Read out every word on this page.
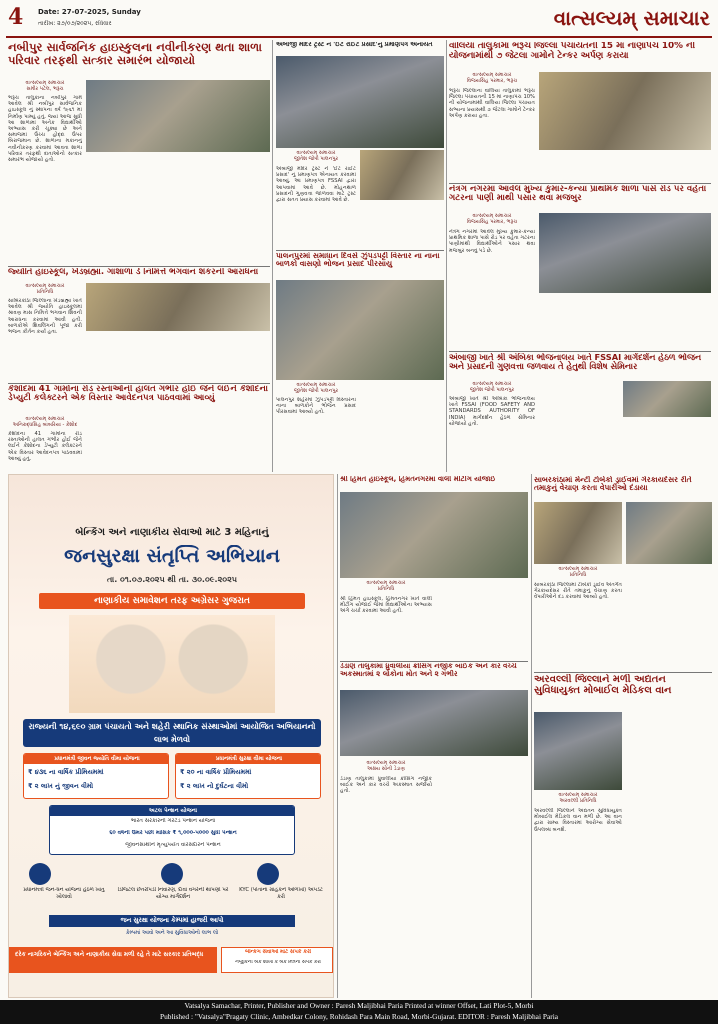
4	Date: 27-07-2025, Sunday
તારીખ: ૨૭/૦૭/૨૦૨૫, રવિવાર	વાત્સલ્યમ્‌ સમાચાર
નબીપુર સાર્વજનિક હાઇસ્કુલના નવીનીકરણ થતા શાળા પરિવાર તરફથી સત્કાર સમારંભ યોજાયો
વાત્સલ્યમ્ સમાચાર
સમીર પટેલ, ભરૂચ
ભરૂચ તાલુકાના નબીપુર ગામે આવેલ શ્રી નબીપુર સાર્વજનિક હાઇસ્કૂલ નું સ્થાપના વર્ષ ૧૯૬૧ માં નિર્માણ પામ્યું હતું. જ્યાં આજ સુધી આ શાળામાં અનેક વિદ્યાર્થીઓ અભ્યાસ કરી ચૂક્યા છે અને સમાજમાં ઉચ્ચ હોદ્દા ઉપર બિરાજમાન છે. શાળાના મકાનનું નવીનીકરણ કરવામાં આવતા શાળા પરિવાર તરફથી દાતાઓનો સત્કાર સમારંભ યોજાયો હતો.
જ્યોતિ હાઇસ્કૂલ, ખેડબ્રહ્મા. ગૌશાળા ડે નિમિત્તે ભગવાન શંકરની આરાધના
વાત્સલ્યમ્ સમાચાર
પ્રતિનિધિ
સાબિરકાંઠા જિલ્લાના ખેડબ્રહ્મા ખાતે આવેલ શ્રી જ્યોતિ હાઇસ્કૂલમાં શ્રાવણ માસ નિમિત્તે ભગવાન શિવની આરાધના કરવામાં આવી હતી. બાળકોએ શિવલિંગની પૂજા કરી ભજન કીર્તન કર્યા હતા.
કેશોદમાં 41 ગામોના રોડ રસ્તાઓની હાલત ગંભીર હોઈ જેને લઈને કેશોદના ડેપ્યુટી કલેક્ટરને એક વિસ્તાર આવેદનપત્ર પાઠવવામાં આવ્યું
વાત્સલ્યમ્ સમાચાર
અનિરુદ્ધસિંહ બાબરિયા - કેશોદ
કેશોદના 41 ગામોના રોડ રસ્તાઓની હાલત ગંભીર હોઈ જેને લઈને કેશોદના ડેપ્યુટી કલેક્ટરને એક વિસ્તાર આવેદનપત્ર પાઠવવામાં આવ્યું હતું.
અંબાજી મંદિર ટ્રસ્ટ ને 'ઈટ રાઈટ પ્રસાદ'નું પ્રમાણપત્ર એનાયત
વાત્સલ્યમ્ સમાચાર
જીતેશ જોષી પાલનપુર
અંબાજી મંદિર ટ્રસ્ટ ને 'ઈટ રાઈટ પ્રસાદ' નું પ્રમાણપત્ર એનાયત કરવામાં આવ્યું. આ પ્રમાણપત્ર FSSAI દ્વારા આપવામાં આવે છે. મોહનથાળ પ્રસાદની ગુણવત્તા જાળવવા માટે ટ્રસ્ટ દ્વારા સતત પ્રયાસ કરવામાં આવે છે.
પાલનપુરમાં સમાધાન દિવસે ઝુંપડપટ્ટી વિસ્તાર ના નાના બાળકો વાસણો ભોજન પ્રસાદ પીરસાયુ
વાત્સલ્યમ્ સમાચાર
જીતેશ જોષી પાલનપુર
પાલનપુર શહેરમાં ઝુંપડપટ્ટી વિસ્તારના નાના બાળકોને ભોજન પ્રસાદ પીરસવામાં આવ્યો હતો.
વાલિયા તાલુકામાં ભરૂચ જિલ્લા પંચાયતની 15 માં નાણાપંચ 10% ની યોજનામાંથી ૭ જેટલા ગામોને ટેન્કર અર્પણ કરાયા
વાત્સલ્યમ્ સમાચાર
વિજયસિંહ પરમાર, ભરૂચ
ભરૂચ જિલ્લાના વાલિયા તાલુકામાં ભરૂચ જિલ્લા પંચાયતની 15 માં નાણાપંચ 10% ની યોજનામાંથી વાલિયા જિલ્લા પંચાયત સભ્યના પ્રયાસથી ૭ જેટલા ગામોને ટેન્કર અર્પણ કરાયા હતા.
નેત્રંગ નગરમાં આવેલ મુખ્ય કુમાર-કન્યા પ્રાથમિક શાળા પાસે રોડ પર વહેતા ગટરના પાણી માથી પસાર થવા મજબુર
વાત્સલ્યમ્ સમાચાર
વિજયસિંહ પરમાર, ભરૂચ
નેત્રંગ નગરમાં આવેલ મુખ્ય કુમાર-કન્યા પ્રાથમિક શાળા પાસે રોડ પર વહેતા ગટરના પાણીમાંથી વિદ્યાર્થીઓને પસાર થવા મજબુર બનવું પડે છે.
અંબાજી ખાતે શ્રી અંબિકા ભોજનાલય ખાતે FSSAI માર્ગદર્શન હેઠળ ભોજન અને પ્રસાદની ગુણવત્તા જળવાય તે હેતુથી વિશેષ સેમિનાર
વાત્સલ્યમ્ સમાચાર
જીતેશ જોષી પાલનપુર
અંબાજી ખાતે શ્રી અંબિકા ભોજનાલય ખાતે FSSAI (FOOD SAFETY AND STANDARDS AUTHORITY OF INDIA) માર્ગદર્શન હેઠળ સેમિનાર યોજાયો હતો.
બેન્કિંગ અને નાણાકીય સેવાઓ માટે 3 મહિનાનું
જનસુરક્ષા સંતૃપ્તિ અભિયાન
તા. ૦૧.૦૭.૨૦૨૫ થી તા. ૩૦.૦૯.૨૦૨૫
નાણાકીય સમાવેશન તરફ અગ્રેસર ગુજરાત
રાજ્યની ૧૪,૬૯૦ ગ્રામ પંચાયતો અને શહેરી સ્થાનિક સંસ્થાઓમાં આયોજિત અભિયાનનો લાભ મેળવો
પ્રધાનમંત્રી જીવન જ્યોતિ વીમા યોજના
₹ ૪૩૬ ના વાર્ષિક પ્રીમિયમમાં
₹ ૨ લાખ નું જીવન વીમો
પ્રધાનમંત્રી સુરક્ષા વીમા યોજના
₹ ૨૦ ના વાર્ષિક પ્રીમિયમમાં
₹ ૨ લાખ નો દુર્ઘટના વીમો
અટલ પેન્શન યોજના
ભારત સરકારની ગેરંટેડ પેન્શન યોજના
૬૦ વર્ષની ઉંમર પછી માસિક ₹ ૧,૦૦૦-૫૦૦૦ સુધી પેન્શન
જીવનસાથીને મૃત્યુપર્યંત વારસદારને પેન્શન
પ્રધાનમંત્રી જન-ધન યોજના હેઠળ ખાતું ખોલાવો
ડિજિટલ છેતરપિંડી નિવારણ, દાવા વગરની થાપણો પર યોગ્ય માર્ગદર્શન
KYC (પોતાના ગ્રાહકને ઓળખો) અપડેટ કરો
જન સુરક્ષા યોજના કેમ્પમાં હાજરી આપો
કેમ્પમાં આવો અને આ સુવિધાઓનો લાભ લો
દરેક નાગરિકને બેન્કિંગ અને નાણાકીય સેવા મળી રહે તે માટે સરકાર પ્રતિબદ્ધ	બેન્કિંગ સેવાઓ માટે સંપર્ક કરો
નજીકની બેંક શાખા કે બેંક મિત્રનો સંપર્ક કરો
શ્રી હિંમત હાઇસ્કૂલ, હિંમતનગરમાં વાલી મીટીંગ યોજાઈ
વાત્સલ્યમ્ સમાચાર
પ્રતિનિધિ
શ્રી હિંમત હાઇસ્કૂલ, હિંમતનગર ખાતે વાલી મીટીંગ યોજાઈ જેમાં વિદ્યાર્થીઓના અભ્યાસ અંગે ચર્ચા કરવામાં આવી હતી.
ડેડાણ તાલુકામાં ધ્રુવાલીયા ક્રોસિંગ નજીક બાઈક અને કાર વચ્ચે અકસ્માતમાં ૨ લોકોના મોત અને ૨ ગંભીર
વાત્સલ્યમ્ સમાચાર
અક્ષય સોની ડેડાણ
ડેડાણ તાલુકામાં ધ્રુવાલીયા ક્રોસિંગ નજીક બાઈક અને કાર વચ્ચે અકસ્માત સર્જાયો હતો.
સાબરકાંઠામાં મેન્ટી ટોબેકો ડ્રાઈવમાં ગેરકાયદેસર રીતે તમાકુનું વેચાણ કરતા વેપારીઓ દંડાયા
વાત્સલ્યમ્ સમાચાર
પ્રતિનિધિ
સાબરકાંઠા જિલ્લામાં ટોબેકો ડ્રાઈવ અંતર્ગત ગેરકાયદેસર રીતે તમાકુનું વેચાણ કરતા વેપારીઓને દંડ કરવામાં આવ્યો હતો.
અરવલ્લી જિલ્લાને મળી અદ્યતન સુવિધાયુક્ત મોબાઈલ મેડિકલ વાન
વાત્સલ્યમ્ સમાચાર
અરવલ્લી પ્રતિનિધિ
અરવલ્લી જિલ્લાને અદ્યતન સુવિધાયુક્ત મોબાઈલ મેડિકલ વાન મળી છે. આ વાન દ્વારા ગ્રામ્ય વિસ્તારમાં આરોગ્ય સેવાઓ ઉપલબ્ધ બનશે.
Vatsalya Samachar, Printer, Publisher and Owner : Paresh Maljibhai Paria Printed at winner Offset, Lati Plot-5, Morbi
Published : "Vatsalya"Pragaty Clinic, Ambedkar Colony, Rohidash Para Main Road, Morbi-Gujarat. EDITOR : Paresh Maljibhai Paria
